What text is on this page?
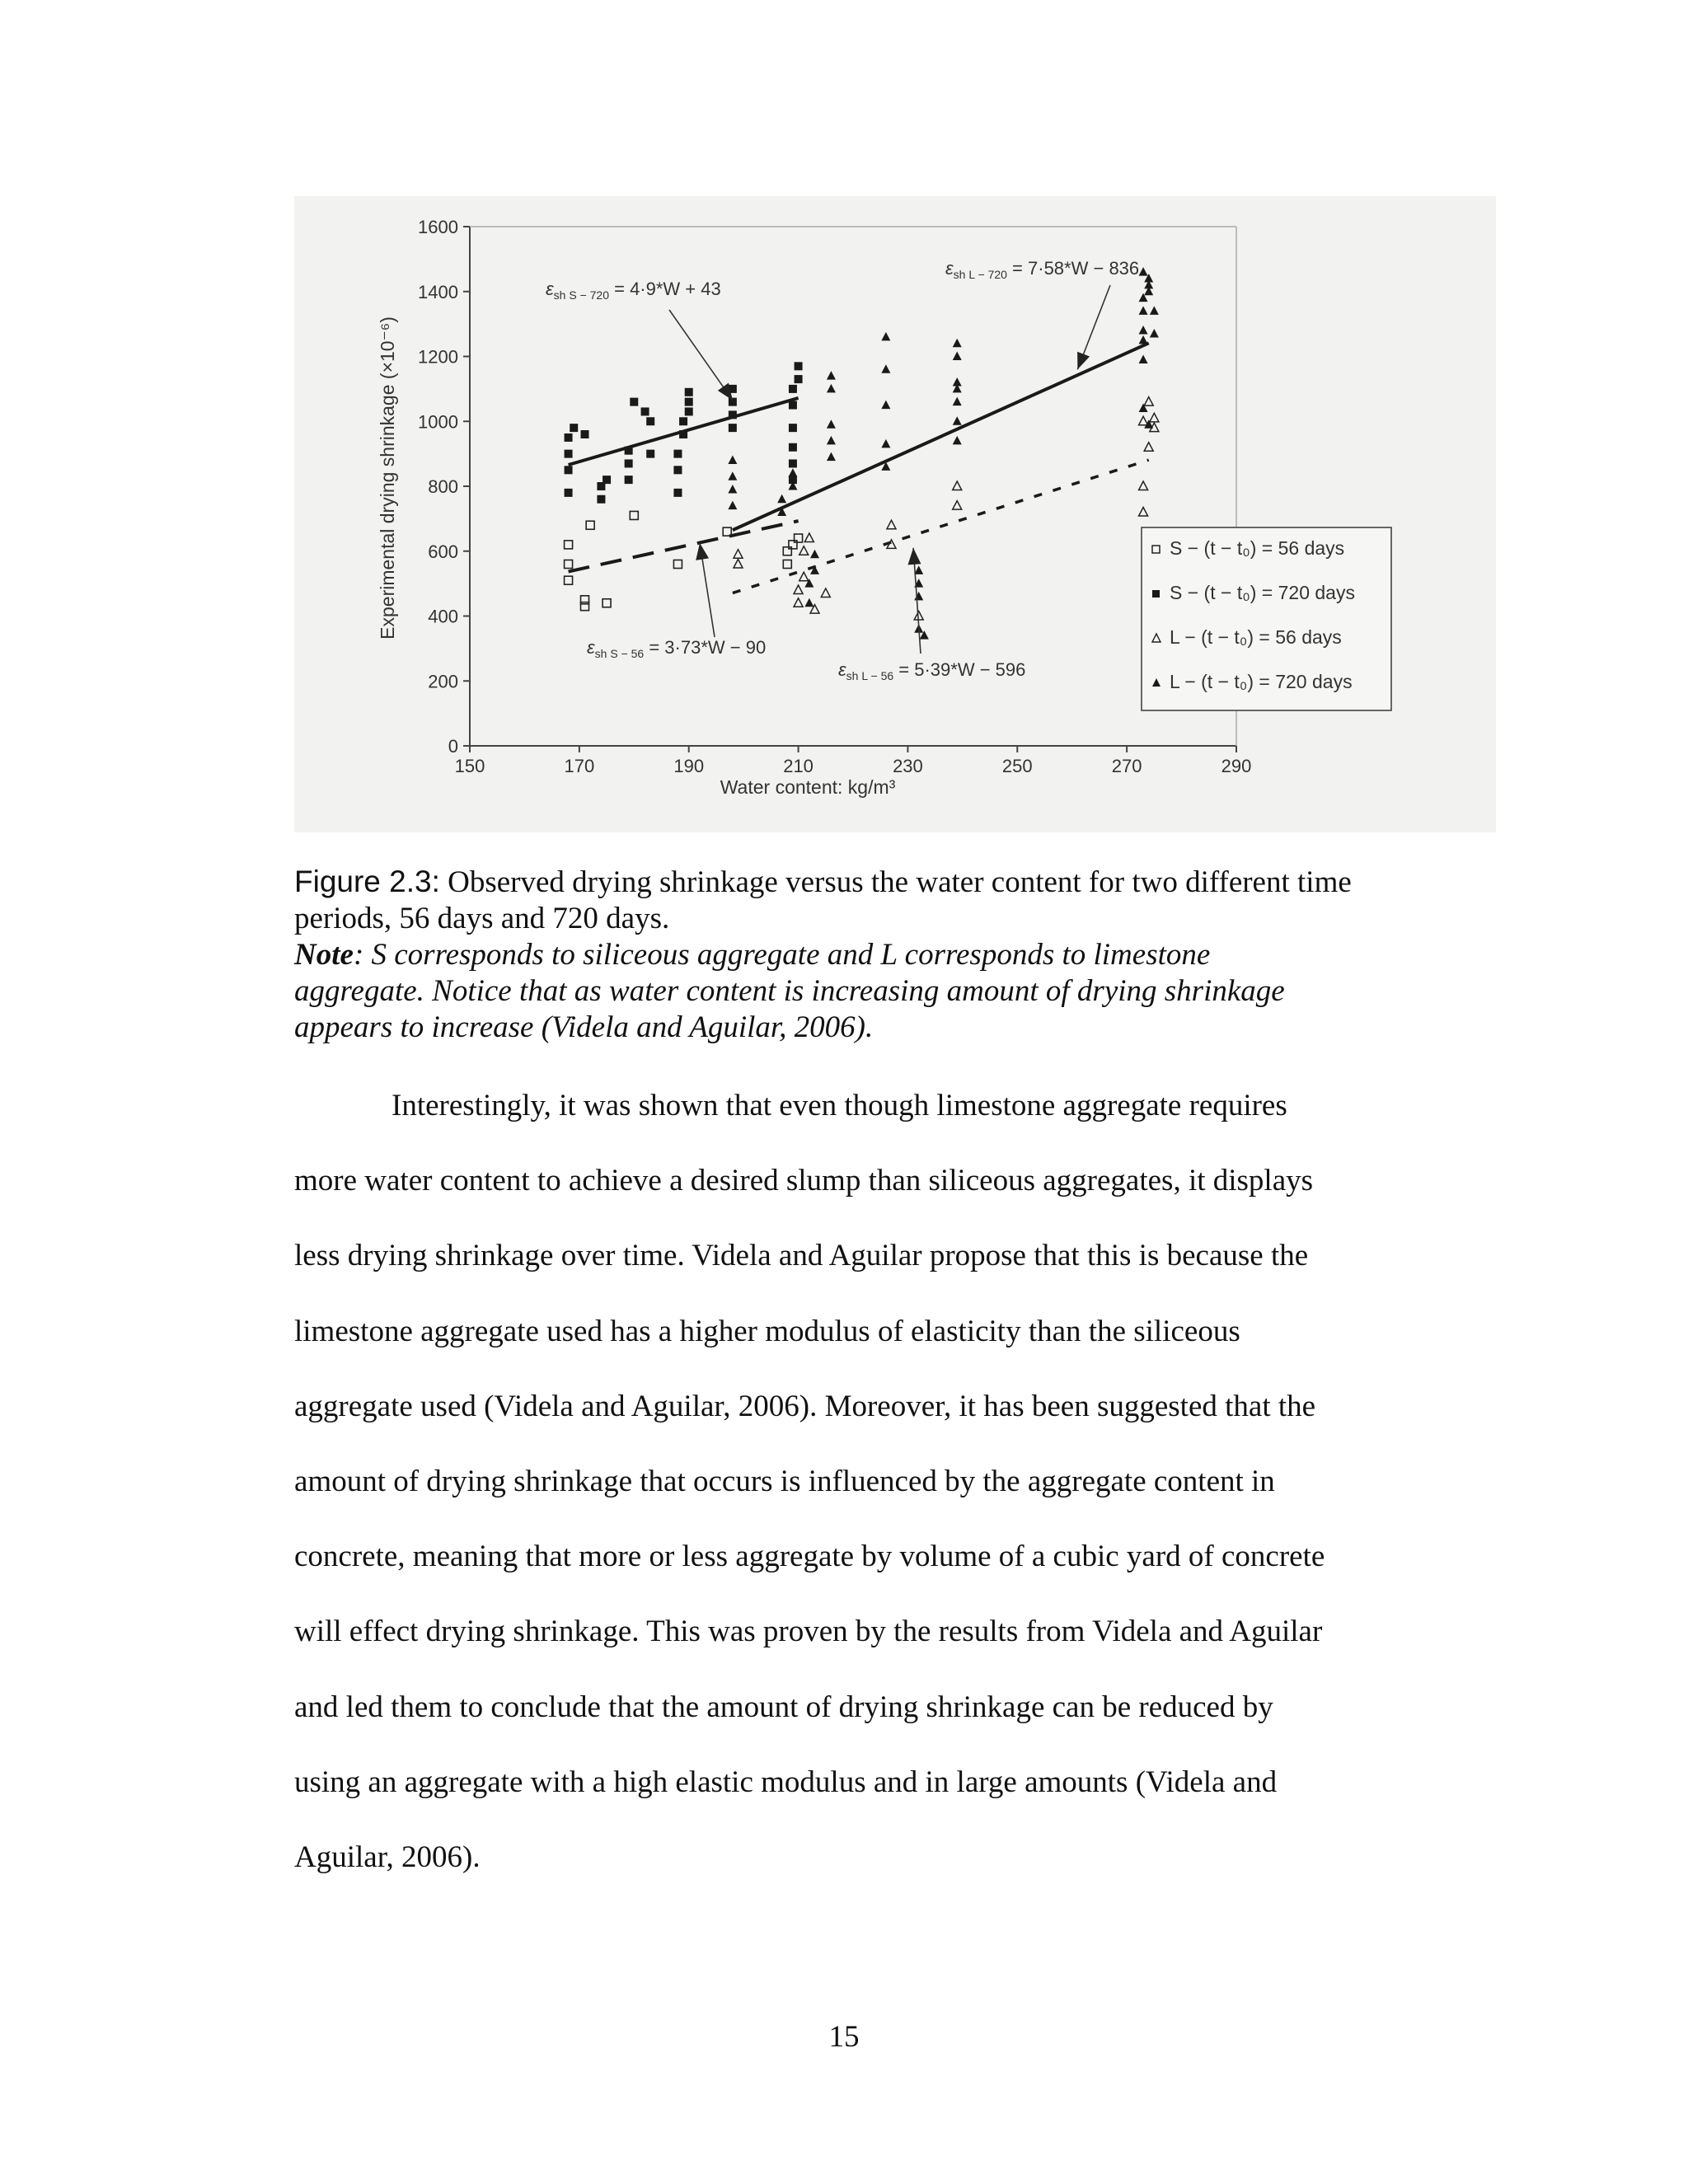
0
200
400
600
800
1000
1200
1400
1600
150	170	190	210	230	250	270	290
Water content: kg/m³
Experimental drying shrinkage (×10⁻⁶)
$\varepsilon_{sh S - 720} = 4\cdot 9*W + 43$
$\varepsilon_{sh L - 720} = 7\cdot 58*W - 836$
$\varepsilon_{sh S - 56} = 3\cdot 73*W - 90$
$\varepsilon_{sh L - 56} = 5\cdot 39*W - 596$
S − (t − t₀) = 56 days
S − (t − t₀) = 720 days
L − (t − t₀) = 56 days
L − (t − t₀) = 720 days
Figure 2.3: Observed drying shrinkage versus the water content for two different time
periods, 56 days and 720 days.
Note: S corresponds to siliceous aggregate and L corresponds to limestone
aggregate. Notice that as water content is increasing amount of drying shrinkage
appears to increase (Videla and Aguilar, 2006).
Interestingly, it was shown that even though limestone aggregate requires
more water content to achieve a desired slump than siliceous aggregates, it displays
less drying shrinkage over time. Videla and Aguilar propose that this is because the
limestone aggregate used has a higher modulus of elasticity than the siliceous
aggregate used (Videla and Aguilar, 2006). Moreover, it has been suggested that the
amount of drying shrinkage that occurs is influenced by the aggregate content in
concrete, meaning that more or less aggregate by volume of a cubic yard of concrete
will effect drying shrinkage. This was proven by the results from Videla and Aguilar
and led them to conclude that the amount of drying shrinkage can be reduced by
using an aggregate with a high elastic modulus and in large amounts (Videla and
Aguilar, 2006).
15
